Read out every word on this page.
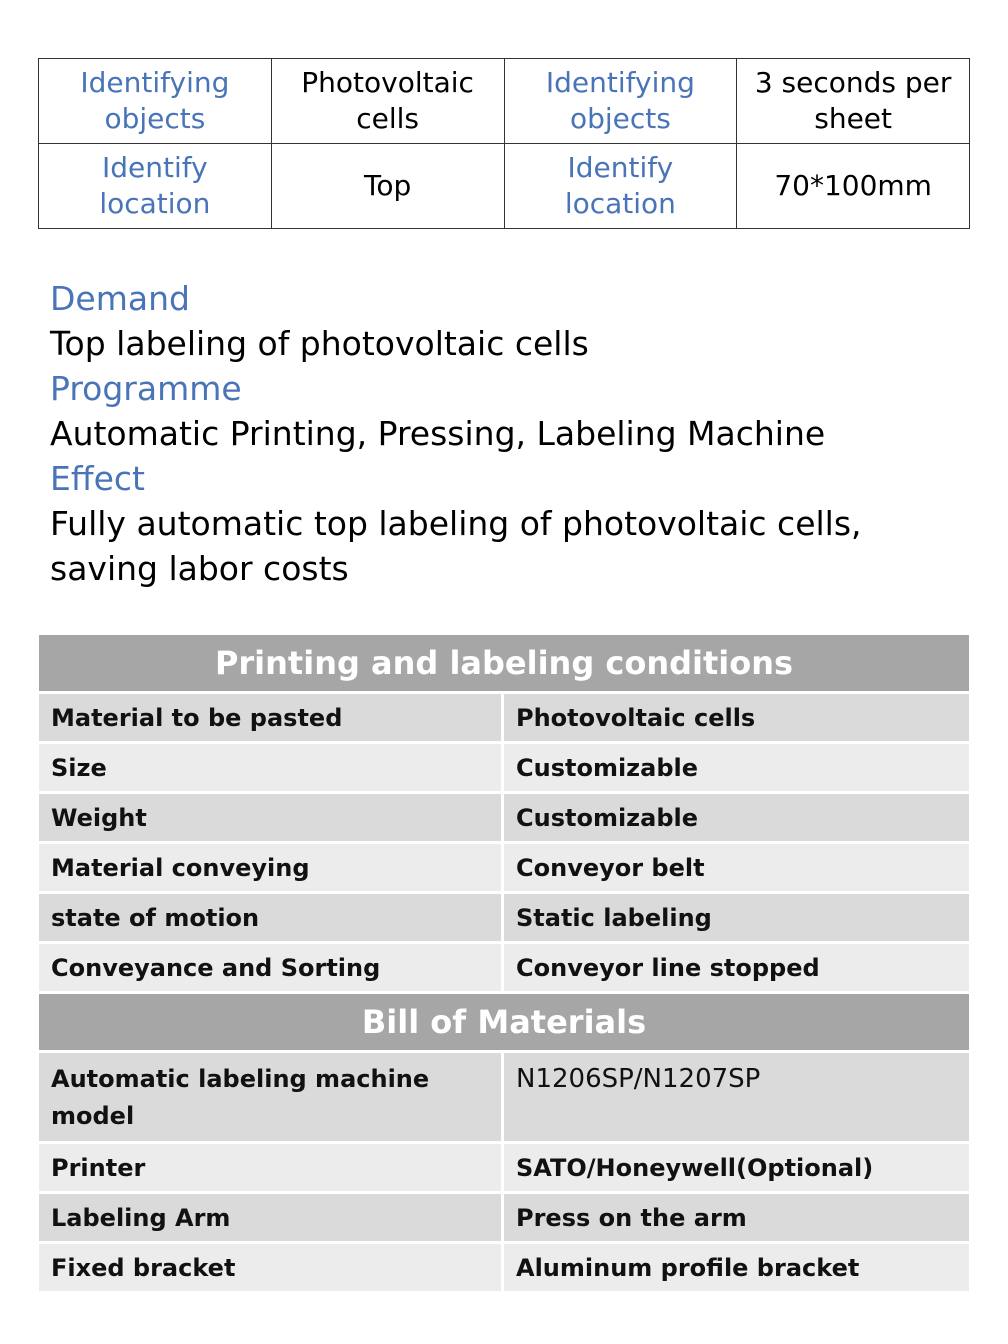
Identifying objects	Photovoltaic cells	Identifying objects	3 seconds per sheet
Identify location	Top	Identify location	70*100mm
Demand
Top labeling of photovoltaic cells
Programme
Automatic Printing, Pressing, Labeling Machine
Effect
Fully automatic top labeling of photovoltaic cells,
saving labor costs
Printing and labeling conditions	
Material to be pasted	Photovoltaic cells
Size	Customizable
Weight	Customizable
Material conveying	Conveyor belt
state of motion	Static labeling
Conveyance and Sorting	Conveyor line stopped
Bill of Materials	
Automatic labeling machine model	N1206SP/N1207SP
Printer	SATO/Honeywell(Optional)
Labeling Arm	Press on the arm
Fixed bracket	Aluminum profile bracket
